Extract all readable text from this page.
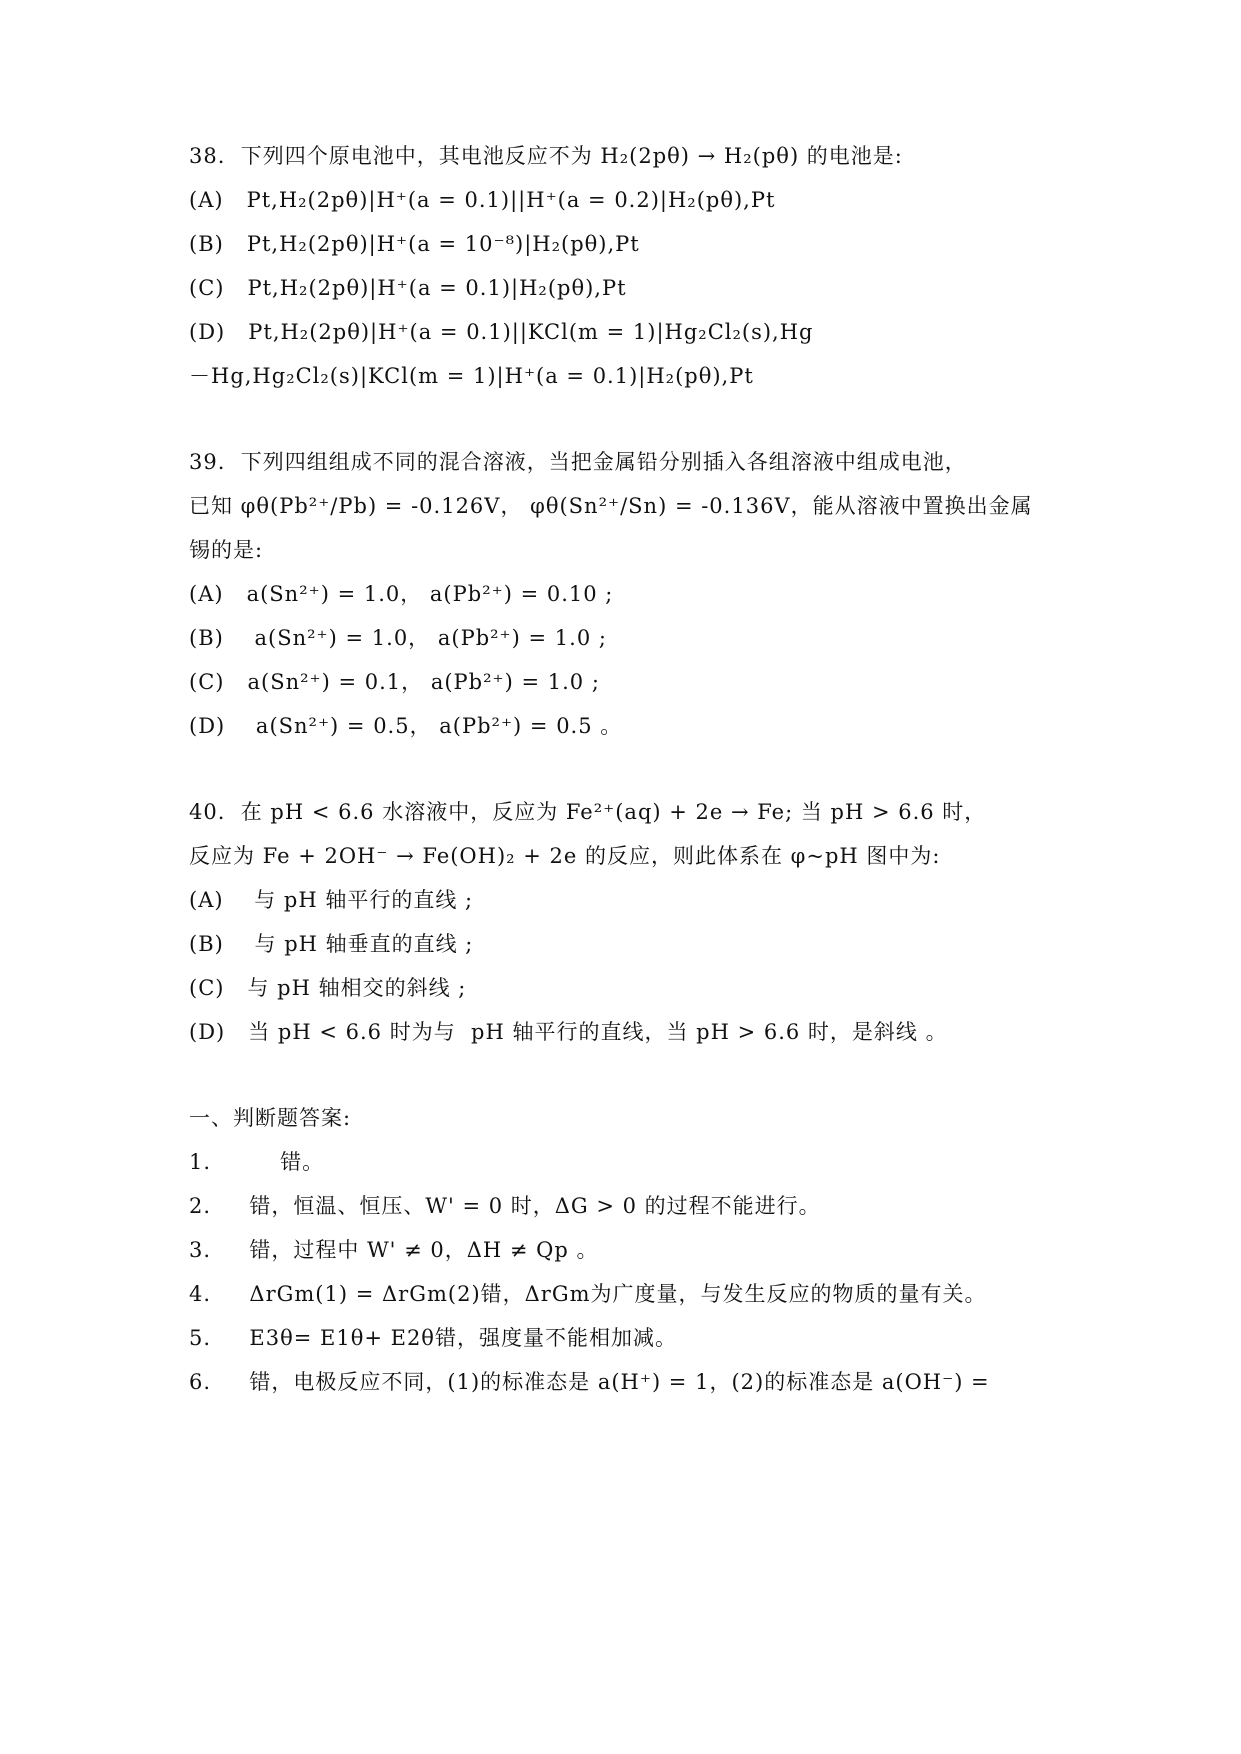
38.  下列四个原电池中，其电池反应不为 H₂(2pθ) → H₂(pθ) 的电池是:
(A)   Pt,H₂(2pθ)|H⁺(a = 0.1)||H⁺(a = 0.2)|H₂(pθ),Pt
(B)   Pt,H₂(2pθ)|H⁺(a = 10⁻⁸)|H₂(pθ),Pt
(C)   Pt,H₂(2pθ)|H⁺(a = 0.1)|H₂(pθ),Pt
(D)   Pt,H₂(2pθ)|H⁺(a = 0.1)||KCl(m = 1)|Hg₂Cl₂(s),Hg
－Hg,Hg₂Cl₂(s)|KCl(m = 1)|H⁺(a = 0.1)|H₂(pθ),Pt
39.  下列四组组成不同的混合溶液，当把金属铅分别插入各组溶液中组成电池，
已知 φθ(Pb²⁺/Pb) = -0.126V， φθ(Sn²⁺/Sn) = -0.136V，能从溶液中置换出金属
锡的是:
(A)   a(Sn²⁺) = 1.0， a(Pb²⁺) = 0.10 ;
(B)    a(Sn²⁺) = 1.0， a(Pb²⁺) = 1.0 ;
(C)   a(Sn²⁺) = 0.1， a(Pb²⁺) = 1.0 ;
(D)    a(Sn²⁺) = 0.5， a(Pb²⁺) = 0.5 。
40.  在 pH < 6.6 水溶液中，反应为 Fe²⁺(aq) + 2e → Fe; 当 pH > 6.6 时，
反应为 Fe + 2OH⁻ → Fe(OH)₂ + 2e 的反应，则此体系在 φ~pH 图中为:
(A)    与 pH 轴平行的直线 ;
(B)    与 pH 轴垂直的直线 ;
(C)   与 pH 轴相交的斜线 ;
(D)   当 pH < 6.6 时为与  pH 轴平行的直线，当 pH > 6.6 时，是斜线 。
一、判断题答案:
1.         错。
2.     错，恒温、恒压、W' = 0 时，ΔG > 0 的过程不能进行。
3.     错，过程中 W' ≠ 0，ΔH ≠ Qp 。
4.     ΔrGm(1) = ΔrGm(2)错，ΔrGm为广度量，与发生反应的物质的量有关。
5.     E3θ= E1θ+ E2θ错，强度量不能相加减。
6.     错，电极反应不同，(1)的标准态是 a(H⁺) = 1，(2)的标准态是 a(OH⁻) =
